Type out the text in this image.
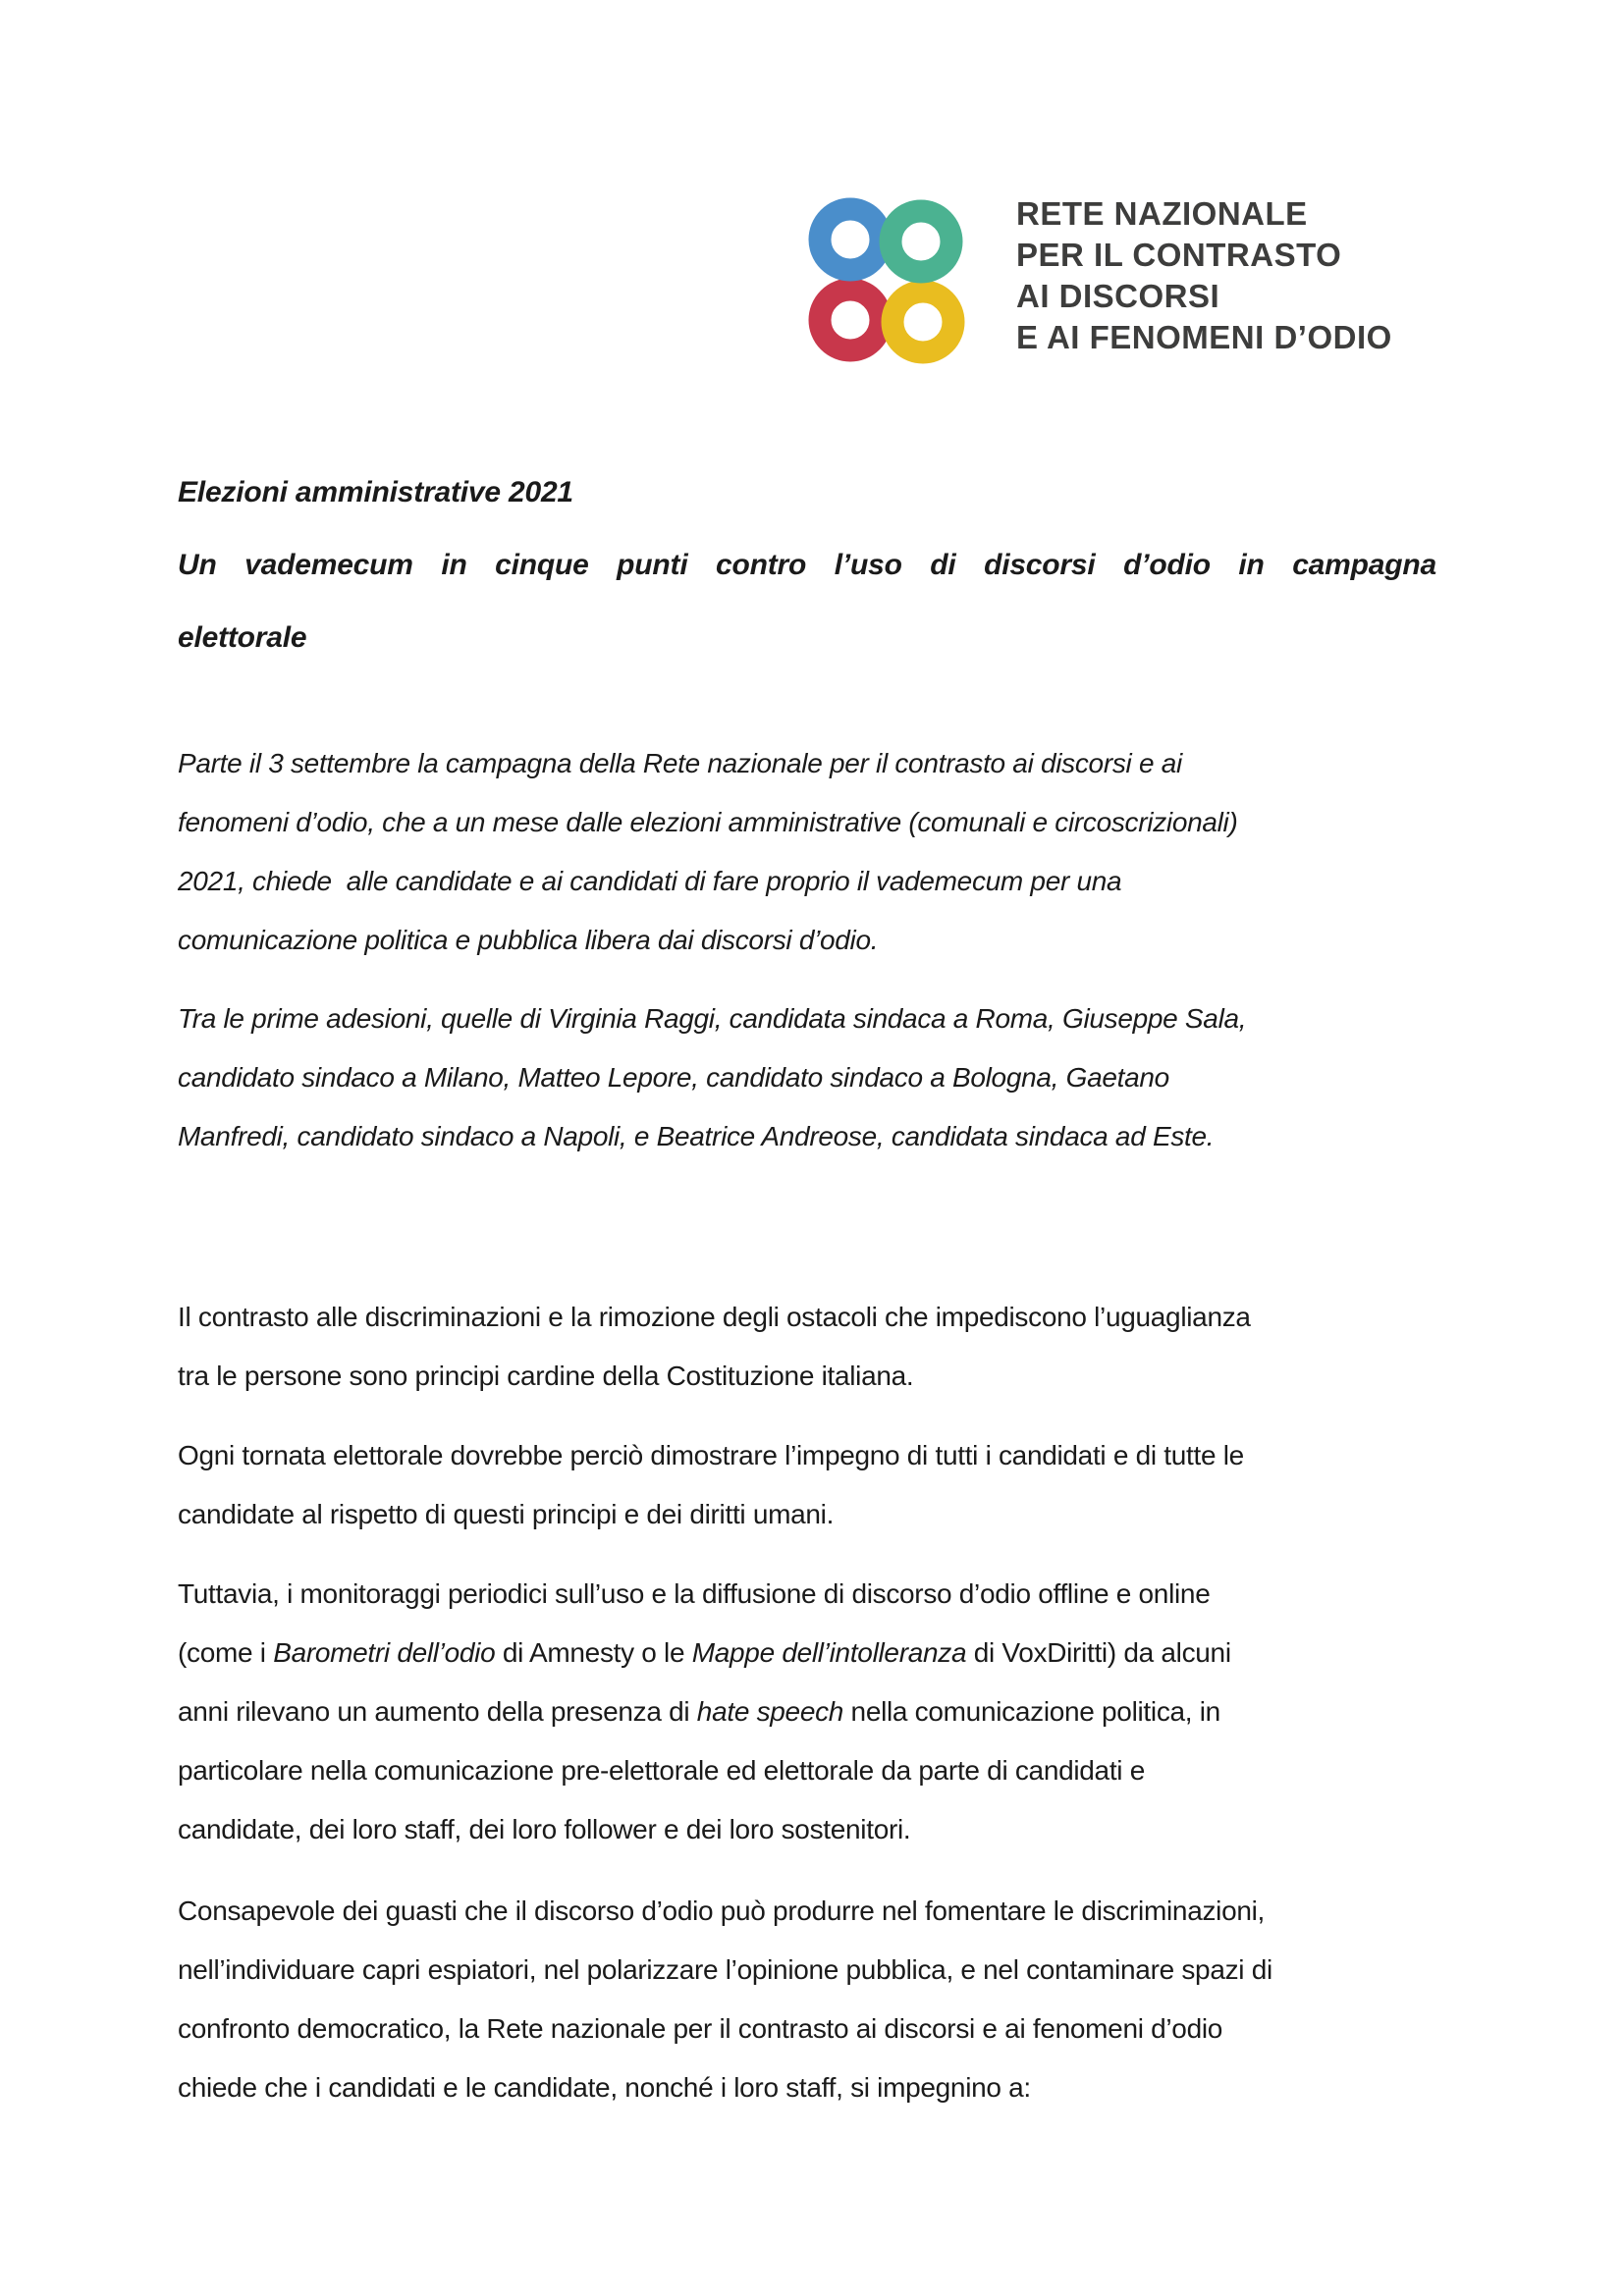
RETE NAZIONALE
PER IL CONTRASTO
AI DISCORSI
E AI FENOMENI D’ODIO
Elezioni amministrative 2021
Un vademecum in cinque punti contro l’uso di discorsi d’odio in campagna
elettorale
Parte il 3 settembre la campagna della Rete nazionale per il contrasto ai discorsi e ai
fenomeni d’odio, che a un mese dalle elezioni amministrative (comunali e circoscrizionali)
2021, chiede  alle candidate e ai candidati di fare proprio il vademecum per una
comunicazione politica e pubblica libera dai discorsi d’odio.
Tra le prime adesioni, quelle di Virginia Raggi, candidata sindaca a Roma, Giuseppe Sala,
candidato sindaco a Milano, Matteo Lepore, candidato sindaco a Bologna, Gaetano
Manfredi, candidato sindaco a Napoli, e Beatrice Andreose, candidata sindaca ad Este.
Il contrasto alle discriminazioni e la rimozione degli ostacoli che impediscono l’uguaglianza
tra le persone sono principi cardine della Costituzione italiana.
Ogni tornata elettorale dovrebbe perciò dimostrare l’impegno di tutti i candidati e di tutte le
candidate al rispetto di questi principi e dei diritti umani.
Tuttavia, i monitoraggi periodici sull’uso e la diffusione di discorso d’odio offline e online
(come i Barometri dell’odio di Amnesty o le Mappe dell’intolleranza di VoxDiritti) da alcuni
anni rilevano un aumento della presenza di hate speech nella comunicazione politica, in
particolare nella comunicazione pre-elettorale ed elettorale da parte di candidati e
candidate, dei loro staff, dei loro follower e dei loro sostenitori.
Consapevole dei guasti che il discorso d’odio può produrre nel fomentare le discriminazioni,
nell’individuare capri espiatori, nel polarizzare l’opinione pubblica, e nel contaminare spazi di
confronto democratico, la Rete nazionale per il contrasto ai discorsi e ai fenomeni d’odio
chiede che i candidati e le candidate, nonché i loro staff, si impegnino a:
